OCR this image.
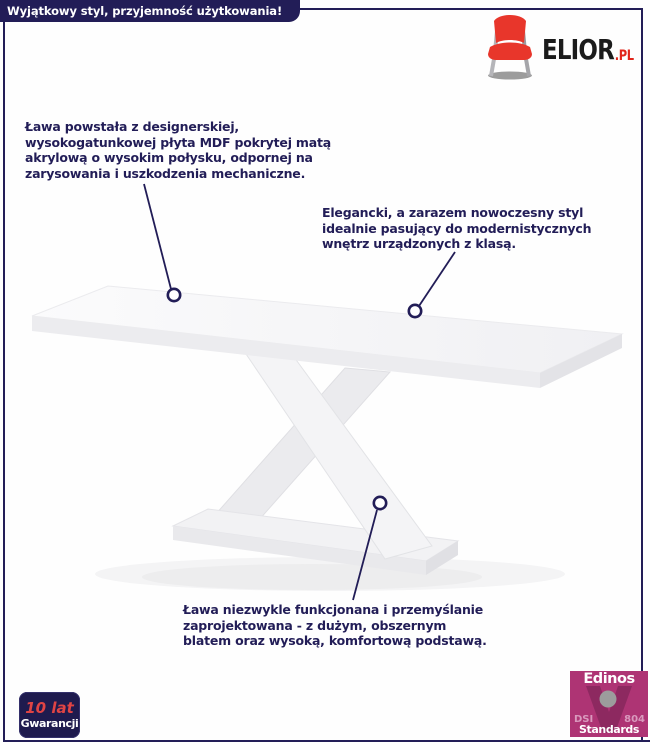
Wyjątkowy styl, przyjemność użytkowania!
ELIOR .PL
Ława powstała z designerskiej,
wysokogatunkowej płyta MDF pokrytej matą
akrylową o wysokim połysku, odpornej na
zarysowania i uszkodzenia mechaniczne.
Elegancki, a zarazem nowoczesny styl
idealnie pasujący do modernistycznych
wnętrz urządzonych z klasą.
Ława niezwykle funkcjonana i przemyślanie
zaprojektowana - z dużym, obszernym
blatem oraz wysoką, komfortową podstawą.
10 lat
Gwarancji
Edinos
DSI	804
Standards
